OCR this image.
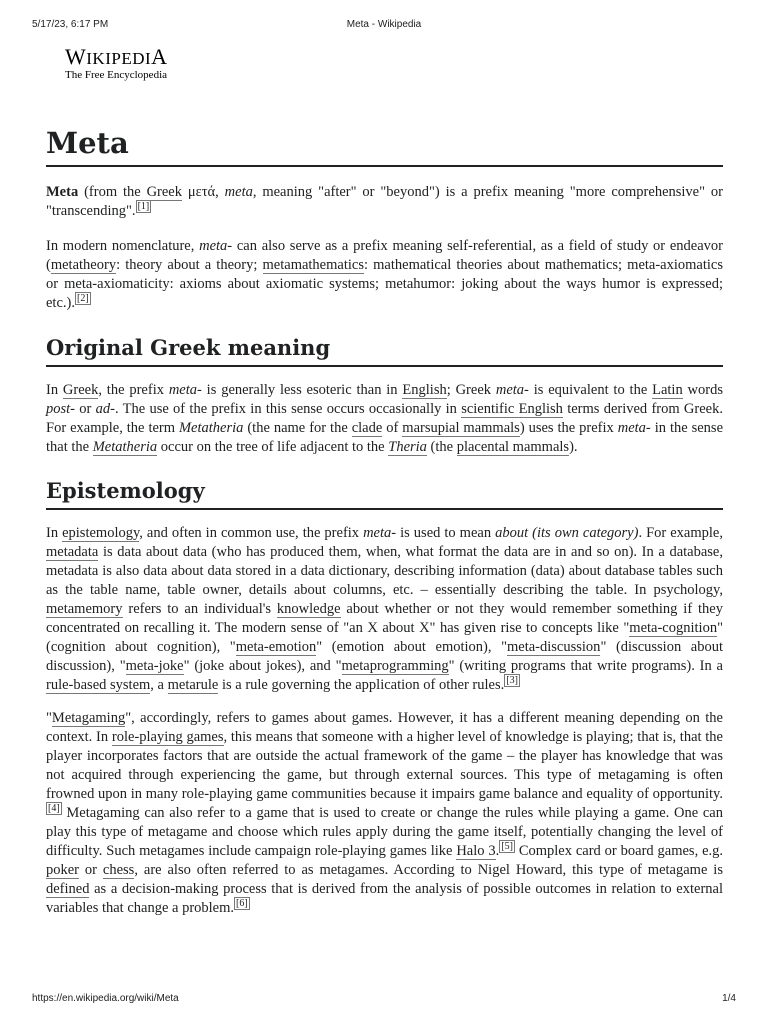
5/17/23, 6:17 PM	Meta - Wikipedia
WIKIPEDIA
The Free Encyclopedia
Meta

Meta (from the Greek μετά, meta, meaning "after" or "beyond") is a prefix meaning "more comprehensive" or "transcending". [1]

In modern nomenclature, meta- can also serve as a prefix meaning self-referential, as a field of study or endeavor (metatheory: theory about a theory; metamathematics: mathematical theories about mathematics; meta-axiomatics or meta-axiomaticity: axioms about axiomatic systems; metahumor: joking about the ways humor is expressed; etc.). [2]

Original Greek meaning

In Greek, the prefix meta- is generally less esoteric than in English; Greek meta- is equivalent to the Latin words post- or ad-. The use of the prefix in this sense occurs occasionally in scientific English terms derived from Greek. For example, the term Metatheria (the name for the clade of marsupial mammals) uses the prefix meta- in the sense that the Metatheria occur on the tree of life adjacent to the Theria (the placental mammals).

Epistemology

In epistemology, and often in common use, the prefix meta- is used to mean about (its own category). For example, metadata is data about data (who has produced them, when, what format the data are in and so on). In a database, metadata is also data about data stored in a data dictionary, describing information (data) about database tables such as the table name, table owner, details about columns, etc. – essentially describing the table. In psychology, metamemory refers to an individual's knowledge about whether or not they would remember something if they concentrated on recalling it. The modern sense of "an X about X" has given rise to concepts like "meta-cognition" (cognition about cognition), "meta-emotion" (emotion about emotion), "meta-discussion" (discussion about discussion), "meta-joke" (joke about jokes), and "metaprogramming" (writing programs that write programs). In a rule-based system, a metarule is a rule governing the application of other rules. [3]

"Metagaming", accordingly, refers to games about games. However, it has a different meaning depending on the context. In role-playing games, this means that someone with a higher level of knowledge is playing; that is, that the player incorporates factors that are outside the actual framework of the game – the player has knowledge that was not acquired through experiencing the game, but through external sources. This type of metagaming is often frowned upon in many role-playing game communities because it impairs game balance and equality of opportunity.[4] Metagaming can also refer to a game that is used to create or change the rules while playing a game. One can play this type of metagame and choose which rules apply during the game itself, potentially changing the level of difficulty. Such metagames include campaign role-playing games like Halo 3. [5] Complex card or board games, e.g. poker or chess, are also often referred to as metagames. According to Nigel Howard, this type of metagame is defined as a decision-making process that is derived from the analysis of possible outcomes in relation to external variables that change a problem. [6]

https://en.wikipedia.org/wiki/Meta	1/4
